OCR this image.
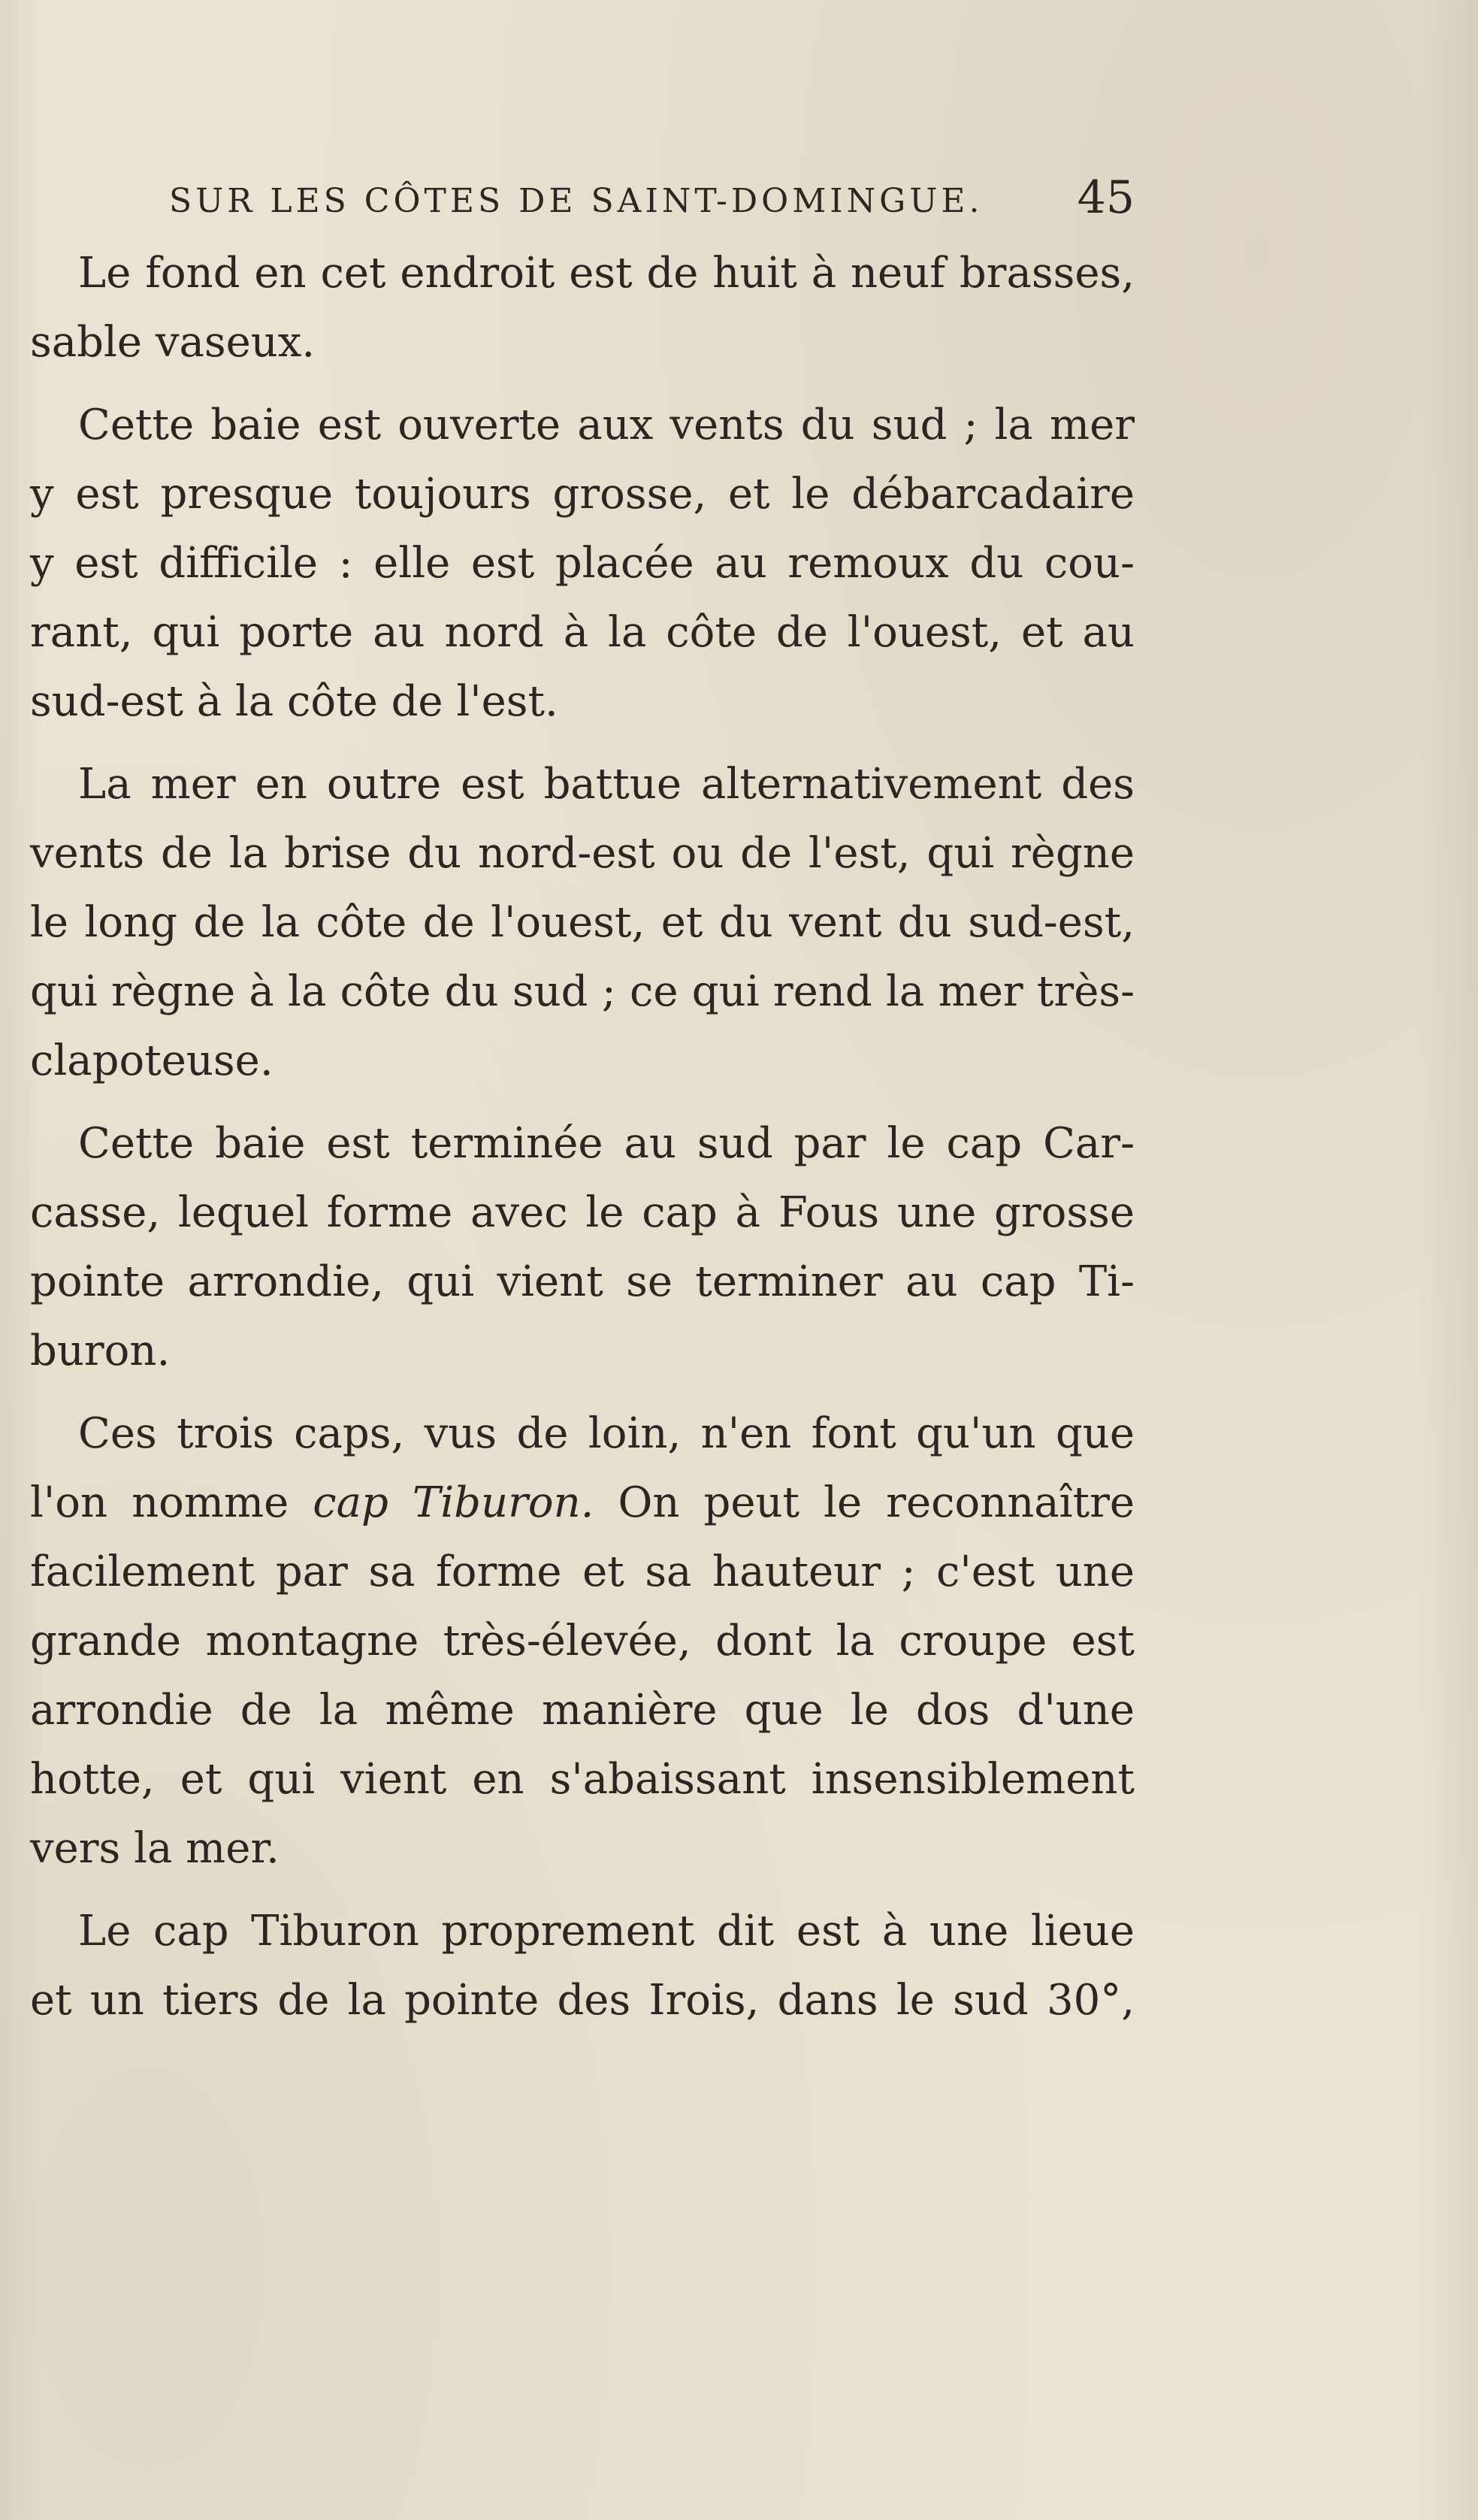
SUR LES CÔTES DE SAINT-DOMINGUE. 45
Le fond en cet endroit est de huit à neuf brasses,
sable vaseux.
Cette baie est ouverte aux vents du sud ; la mer
y est presque toujours grosse, et le débarcadaire
y est difficile : elle est placée au remoux du cou-
rant, qui porte au nord à la côte de l'ouest, et au
sud-est à la côte de l'est.
La mer en outre est battue alternativement des
vents de la brise du nord-est ou de l'est, qui règne
le long de la côte de l'ouest, et du vent du sud-est,
qui règne à la côte du sud ; ce qui rend la mer très-
clapoteuse.
Cette baie est terminée au sud par le cap Car-
casse, lequel forme avec le cap à Fous une grosse
pointe arrondie, qui vient se terminer au cap Ti-
buron.
Ces trois caps, vus de loin, n'en font qu'un que
l'on nomme cap Tiburon. On peut le reconnaître
facilement par sa forme et sa hauteur ; c'est une
grande montagne très-élevée, dont la croupe est
arrondie de la même manière que le dos d'une
hotte, et qui vient en s'abaissant insensiblement
vers la mer.
Le cap Tiburon proprement dit est à une lieue
et un tiers de la pointe des Irois, dans le sud 30°,
